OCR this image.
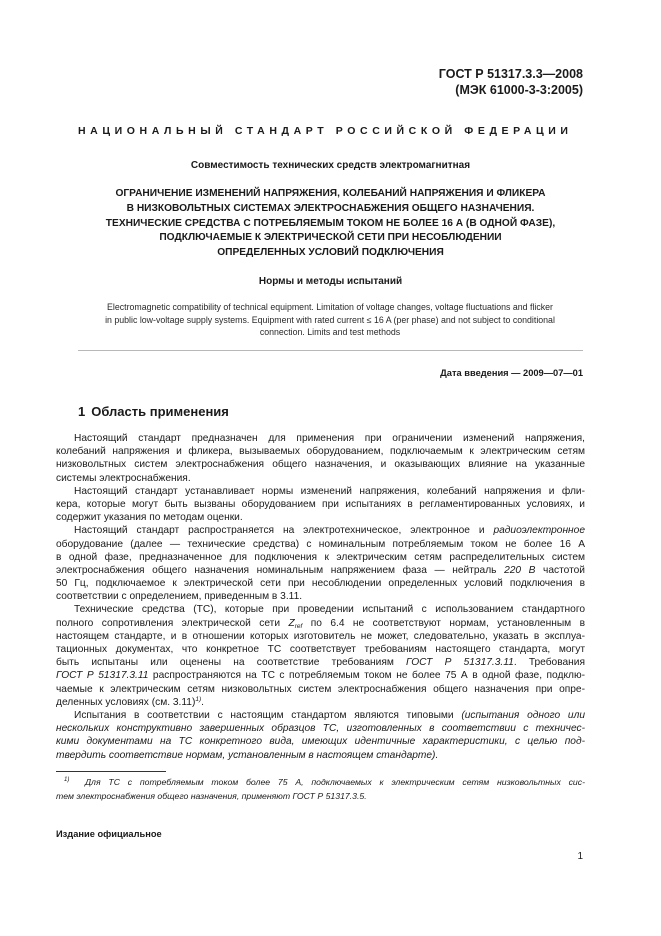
ГОСТ Р 51317.3.3—2008
(МЭК 61000-3-3:2005)
НАЦИОНАЛЬНЫЙ СТАНДАРТ РОССИЙСКОЙ ФЕДЕРАЦИИ
Совместимость технических средств электромагнитная
ОГРАНИЧЕНИЕ ИЗМЕНЕНИЙ НАПРЯЖЕНИЯ, КОЛЕБАНИЙ НАПРЯЖЕНИЯ И ФЛИКЕРА
В НИЗКОВОЛЬТНЫХ СИСТЕМАХ ЭЛЕКТРОСНАБЖЕНИЯ ОБЩЕГО НАЗНАЧЕНИЯ.
ТЕХНИЧЕСКИЕ СРЕДСТВА С ПОТРЕБЛЯЕМЫМ ТОКОМ НЕ БОЛЕЕ 16 А (В ОДНОЙ ФАЗЕ),
ПОДКЛЮЧАЕМЫЕ К ЭЛЕКТРИЧЕСКОЙ СЕТИ ПРИ НЕСОБЛЮДЕНИИ
ОПРЕДЕЛЕННЫХ УСЛОВИЙ ПОДКЛЮЧЕНИЯ
Нормы и методы испытаний
Electromagnetic compatibility of technical equipment. Limitation of voltage changes, voltage fluctuations and flicker
in public low-voltage supply systems. Equipment with rated current ≤ 16 A (per phase) and not subject to conditional
connection. Limits and test methods
Дата введения — 2009—07—01
1 Область применения
Настоящий стандарт предназначен для применения при ограничении изменений напряжения,
колебаний напряжения и фликера, вызываемых оборудованием, подключаемым к электрическим сетям
низковольтных систем электроснабжения общего назначения, и оказывающих влияние на указанные
системы электроснабжения.
Настоящий стандарт устанавливает нормы изменений напряжения, колебаний напряжения и фли-
кера, которые могут быть вызваны оборудованием при испытаниях в регламентированных условиях, и
содержит указания по методам оценки.
Настоящий стандарт распространяется на электротехническое, электронное и радиоэлектронное
оборудование (далее — технические средства) с номинальным потребляемым током не более 16 А
в одной фазе, предназначенное для подключения к электрическим сетям распределительных систем
электроснабжения общего назначения номинальным напряжением фаза — нейтраль 220 В частотой
50 Гц, подключаемое к электрической сети при несоблюдении определенных условий подключения в
соответствии с определением, приведенным в 3.11.
Технические средства (ТС), которые при проведении испытаний с использованием стандартного
полного сопротивления электрической сети $Z_{ref}$ по 6.4 не соответствуют нормам, установленным в
настоящем стандарте, и в отношении которых изготовитель не может, следовательно, указать в эксплуа-
тационных документах, что конкретное ТС соответствует требованиям настоящего стандарта, могут
быть испытаны или оценены на соответствие требованиям ГОСТ Р 51317.3.11. Требования
ГОСТ Р 51317.3.11 распространяются на ТС с потребляемым током не более 75 А в одной фазе, подклю-
чаемые к электрическим сетям низковольтных систем электроснабжения общего назначения при опре-
деленных условиях (см. 3.11)$^{1)}$.
Испытания в соответствии с настоящим стандартом являются типовыми (испытания одного или
нескольких конструктивно завершенных образцов ТС, изготовленных в соответствии с техничес-
кими документами на ТС конкретного вида, имеющих идентичные характеристики, с целью под-
твердить соответствие нормам, установленным в настоящем стандарте).
$^{1)}$ Для ТС с потребляемым током более 75 А, подключаемых к электрическим сетям низковольтных сис-
тем электроснабжения общего назначения, применяют ГОСТ Р 51317.3.5.
Издание официальное
1
